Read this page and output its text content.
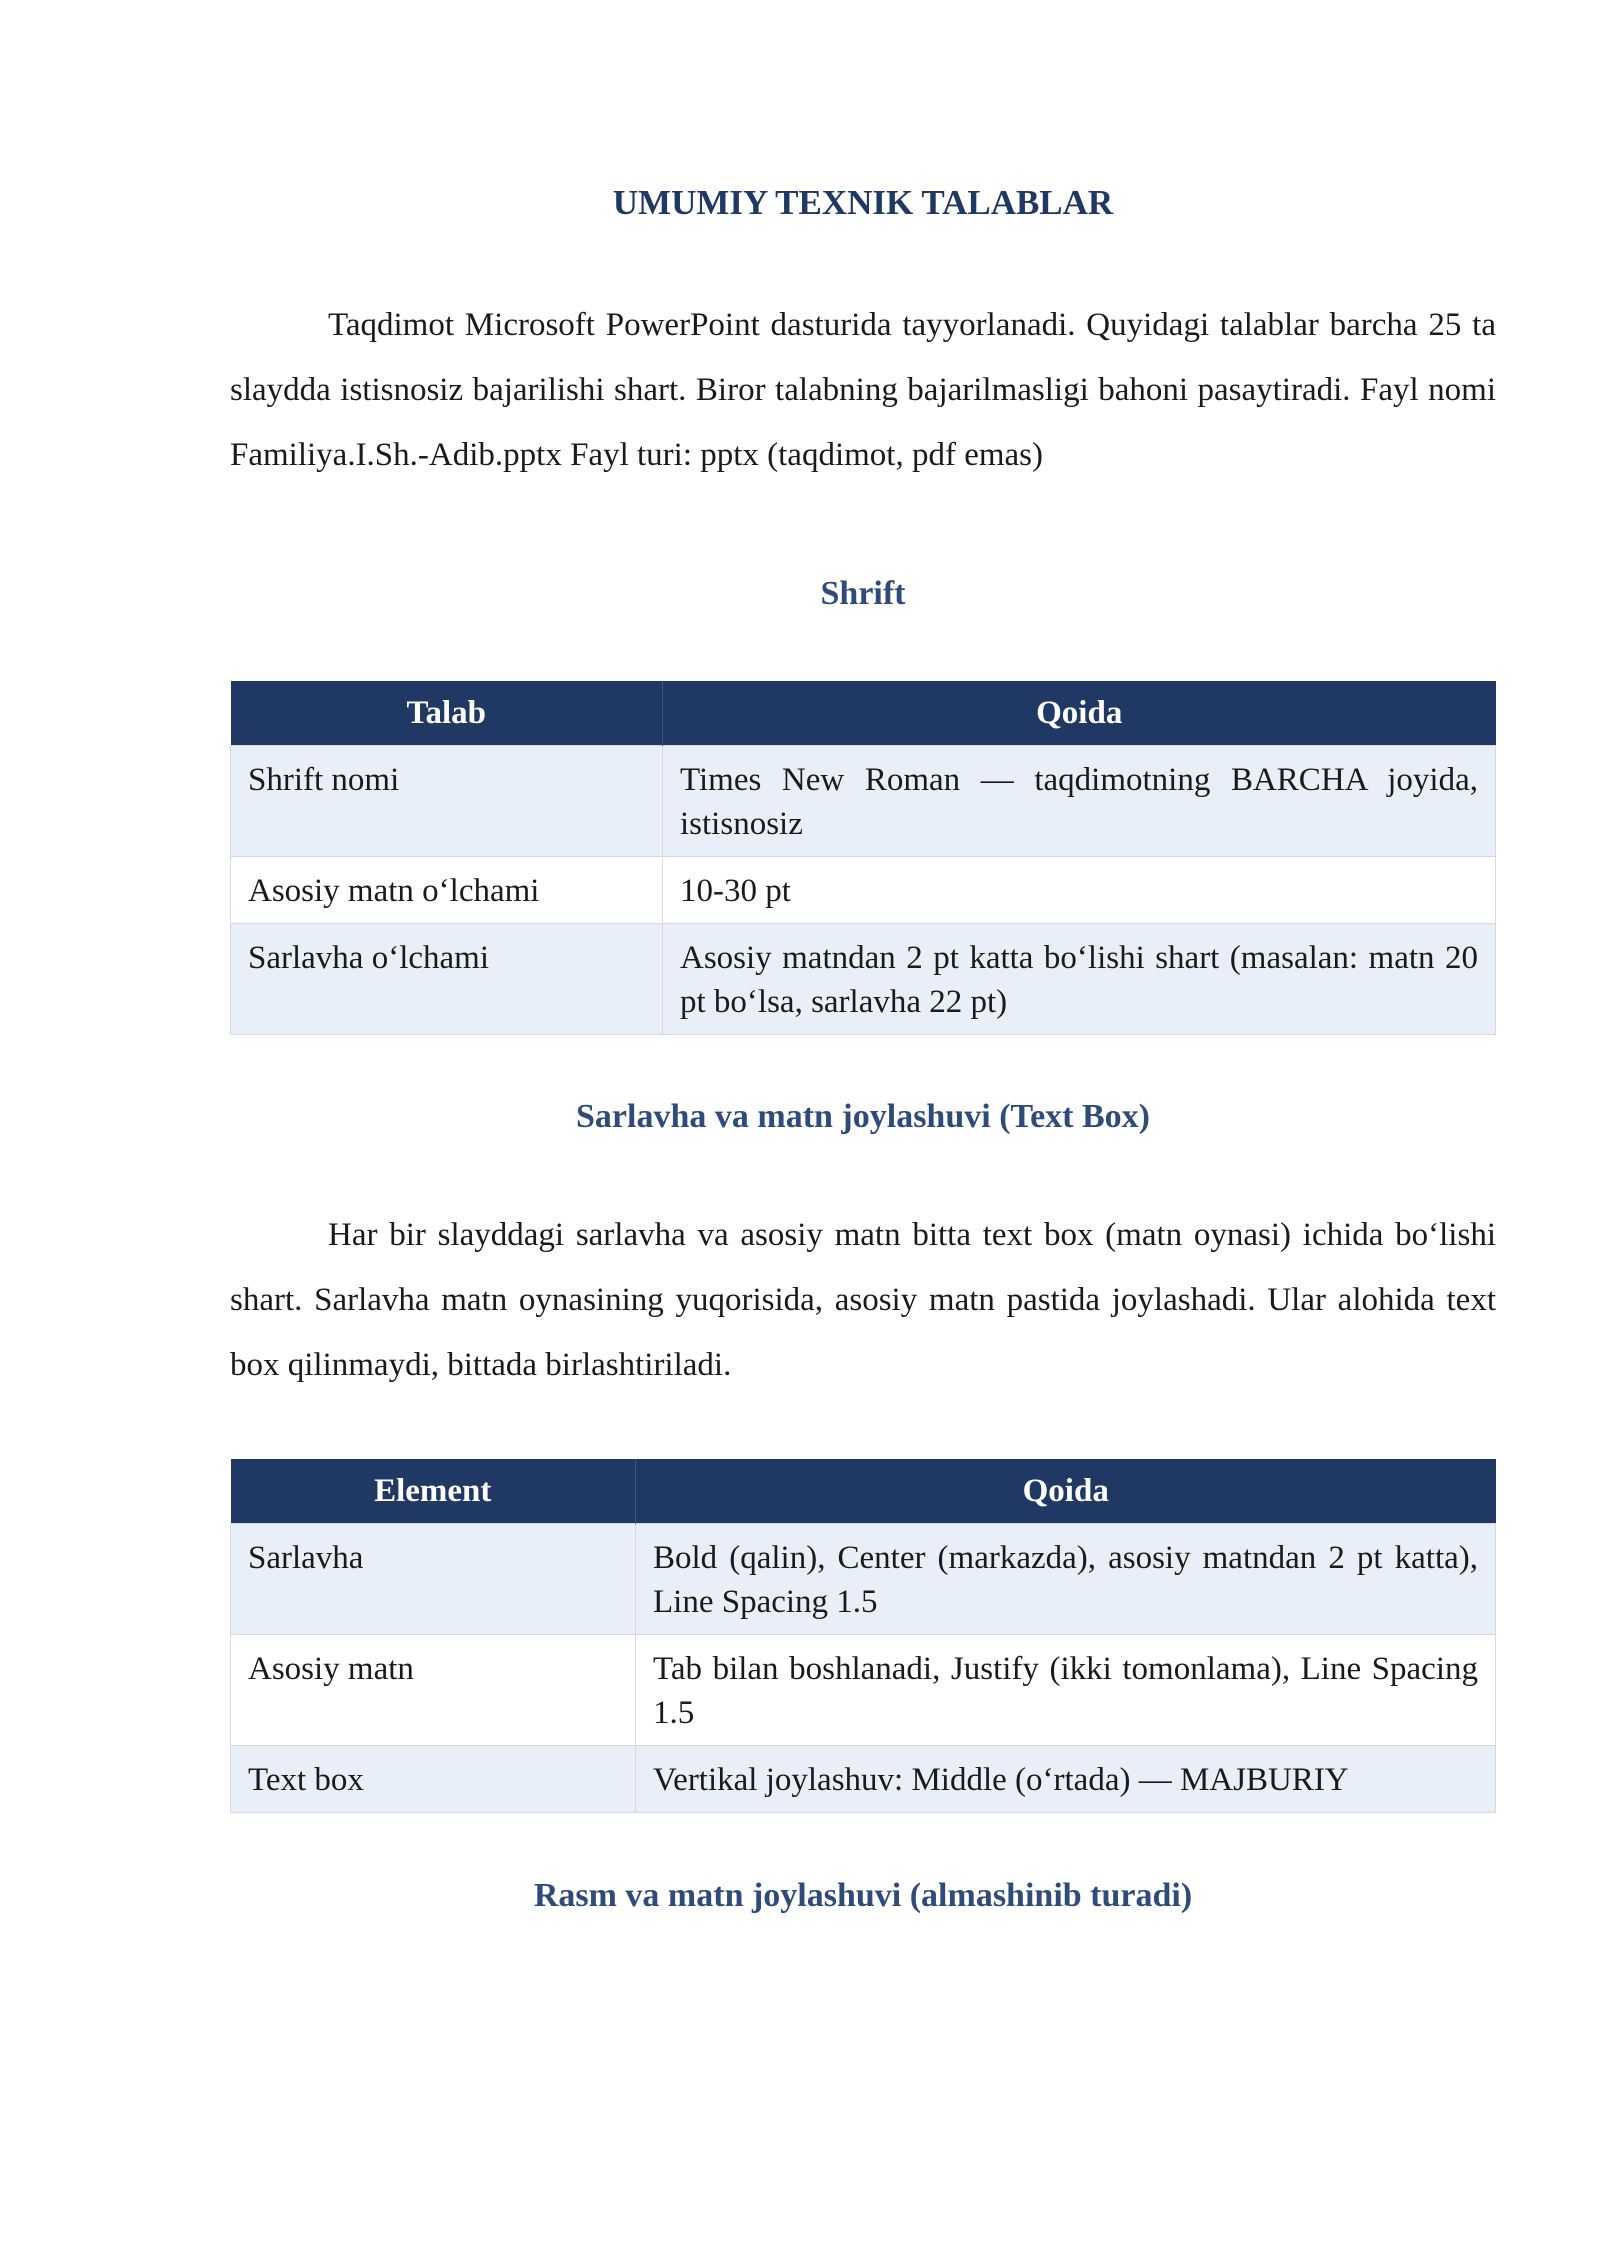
UMUMIY TEXNIK TALABLAR

Taqdimot Microsoft PowerPoint dasturida tayyorlanadi. Quyidagi talablar barcha 25 ta slaydda istisnosiz bajarilishi shart. Biror talabning bajarilmasligi bahoni pasaytiradi. Fayl nomi Familiya.I.Sh.-Adib.pptx Fayl turi: pptx (taqdimot, pdf emas)

Shrift
Talab	Qoida
Shrift nomi	Times New Roman — taqdimotning BARCHA joyida, istisnosiz
Asosiy matn o‘lchami	10-30 pt
Sarlavha o‘lchami	Asosiy matndan 2 pt katta bo‘lishi shart (masalan: matn 20 pt bo‘lsa, sarlavha 22 pt)
Sarlavha va matn joylashuvi (Text Box)

Har bir slayddagi sarlavha va asosiy matn bitta text box (matn oynasi) ichida bo‘lishi shart. Sarlavha matn oynasining yuqorisida, asosiy matn pastida joylashadi. Ular alohida text box qilinmaydi, bittada birlashtiriladi.

Element	Qoida
Sarlavha	Bold (qalin), Center (markazda), asosiy matndan 2 pt katta), Line Spacing 1.5
Asosiy matn	Tab bilan boshlanadi, Justify (ikki tomonlama), Line Spacing 1.5
Text box	Vertikal joylashuv: Middle (o‘rtada) — MAJBURIY
Rasm va matn joylashuvi (almashinib turadi)
